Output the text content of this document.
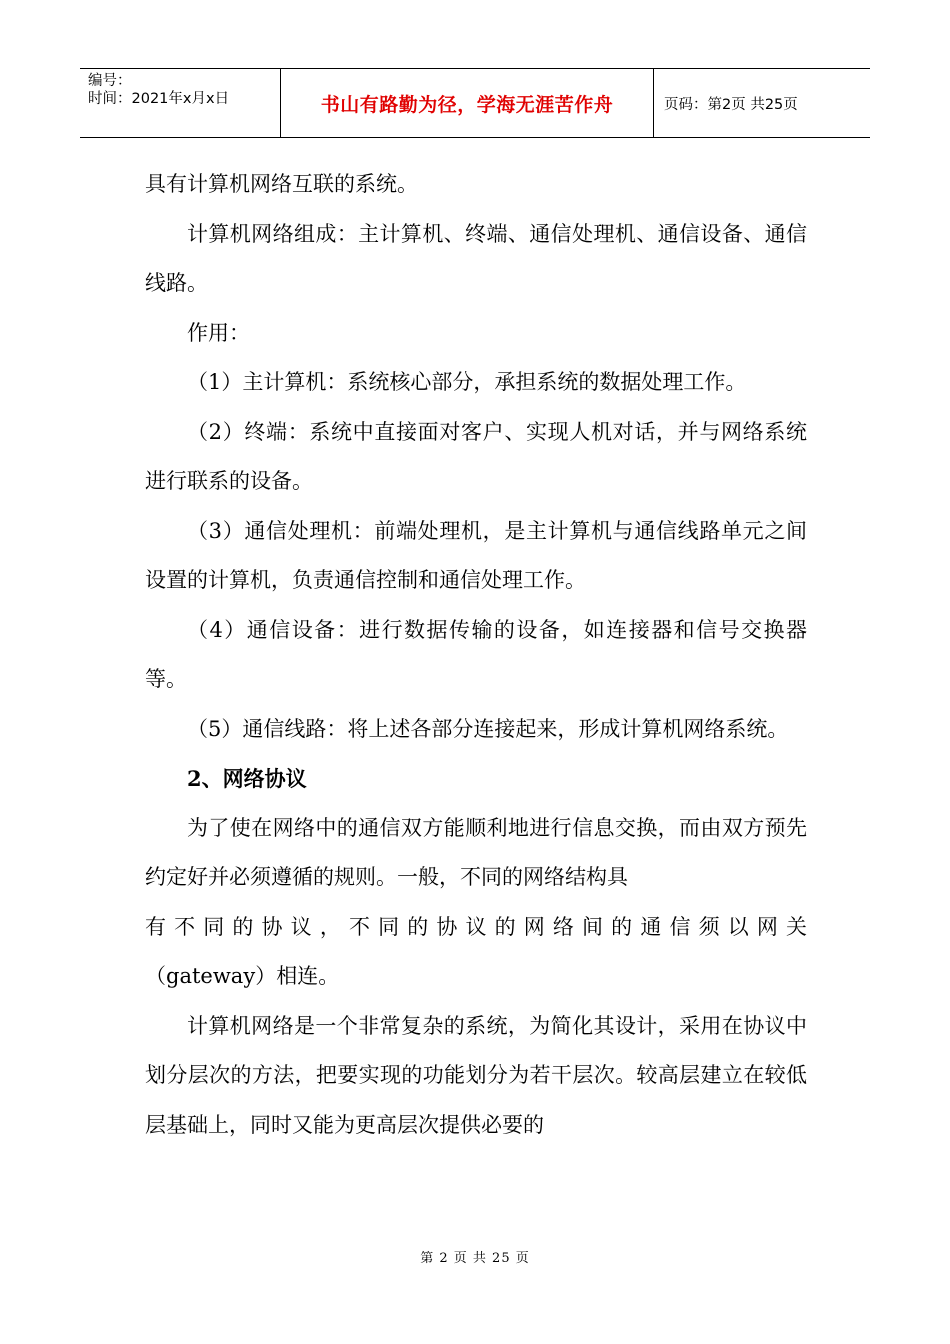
编号：
时间：2021年x月x日	书山有路勤为径，学海无涯苦作舟	页码：第2页 共25页

具有计算机网络互联的系统。

计算机网络组成：主计算机、终端、通信处理机、通信设备、通信线路。

作用：

（1）主计算机：系统核心部分，承担系统的数据处理工作。

（2）终端：系统中直接面对客户、实现人机对话，并与网络系统进行联系的设备。

（3）通信处理机：前端处理机，是主计算机与通信线路单元之间设置的计算机，负责通信控制和通信处理工作。

（4）通信设备：进行数据传输的设备，如连接器和信号交换器等。

（5）通信线路：将上述各部分连接起来，形成计算机网络系统。

2、网络协议

为了使在网络中的通信双方能顺利地进行信息交换，而由双方预先约定好并必须遵循的规则。一般，不同的网络结构具

有不同的协议，不同的协议的网络间的通信须以网关

（gateway）相连。

计算机网络是一个非常复杂的系统，为简化其设计，采用在协议中划分层次的方法，把要实现的功能划分为若干层次。较高层建立在较低层基础上，同时又能为更高层次提供必要的

第 2 页 共 25 页
